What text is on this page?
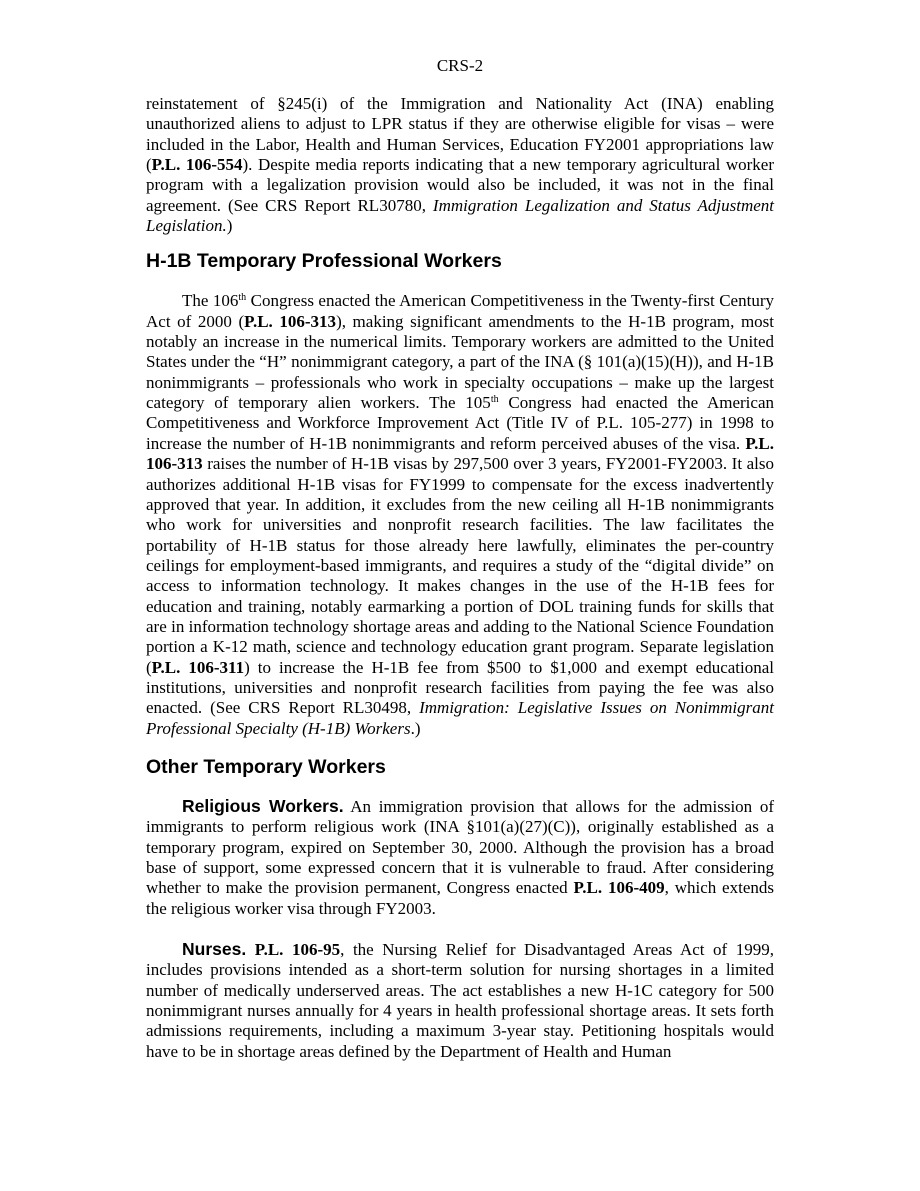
CRS-2

reinstatement of §245(i) of the Immigration and Nationality Act (INA) enabling unauthorized aliens to adjust to LPR status if they are otherwise eligible for visas – were included in the Labor, Health and Human Services, Education FY2001 appropriations law (P.L. 106-554). Despite media reports indicating that a new temporary agricultural worker program with a legalization provision would also be included, it was not in the final agreement. (See CRS Report RL30780, Immigration Legalization and Status Adjustment Legislation.)

H-1B Temporary Professional Workers

The 106th Congress enacted the American Competitiveness in the Twenty-first Century Act of 2000 (P.L. 106-313), making significant amendments to the H-1B program, most notably an increase in the numerical limits. Temporary workers are admitted to the United States under the “H” nonimmigrant category, a part of the INA (§ 101(a)(15)(H)), and H-1B nonimmigrants – professionals who work in specialty occupations – make up the largest category of temporary alien workers. The 105th Congress had enacted the American Competitiveness and Workforce Improvement Act (Title IV of P.L. 105-277) in 1998 to increase the number of H-1B nonimmigrants and reform perceived abuses of the visa. P.L. 106-313 raises the number of H-1B visas by 297,500 over 3 years, FY2001-FY2003. It also authorizes additional H-1B visas for FY1999 to compensate for the excess inadvertently approved that year. In addition, it excludes from the new ceiling all H-1B nonimmigrants who work for universities and nonprofit research facilities. The law facilitates the portability of H-1B status for those already here lawfully, eliminates the per-country ceilings for employment-based immigrants, and requires a study of the “digital divide” on access to information technology. It makes changes in the use of the H-1B fees for education and training, notably earmarking a portion of DOL training funds for skills that are in information technology shortage areas and adding to the National Science Foundation portion a K-12 math, science and technology education grant program. Separate legislation (P.L. 106-311) to increase the H-1B fee from $500 to $1,000 and exempt educational institutions, universities and nonprofit research facilities from paying the fee was also enacted. (See CRS Report RL30498, Immigration: Legislative Issues on Nonimmigrant Professional Specialty (H-1B) Workers.)

Other Temporary Workers

Religious Workers. An immigration provision that allows for the admission of immigrants to perform religious work (INA §101(a)(27)(C)), originally established as a temporary program, expired on September 30, 2000. Although the provision has a broad base of support, some expressed concern that it is vulnerable to fraud. After considering whether to make the provision permanent, Congress enacted P.L. 106-409, which extends the religious worker visa through FY2003.

Nurses. P.L. 106-95, the Nursing Relief for Disadvantaged Areas Act of 1999, includes provisions intended as a short-term solution for nursing shortages in a limited number of medically underserved areas. The act establishes a new H-1C category for 500 nonimmigrant nurses annually for 4 years in health professional shortage areas. It sets forth admissions requirements, including a maximum 3-year stay. Petitioning hospitals would have to be in shortage areas defined by the Department of Health and Human
